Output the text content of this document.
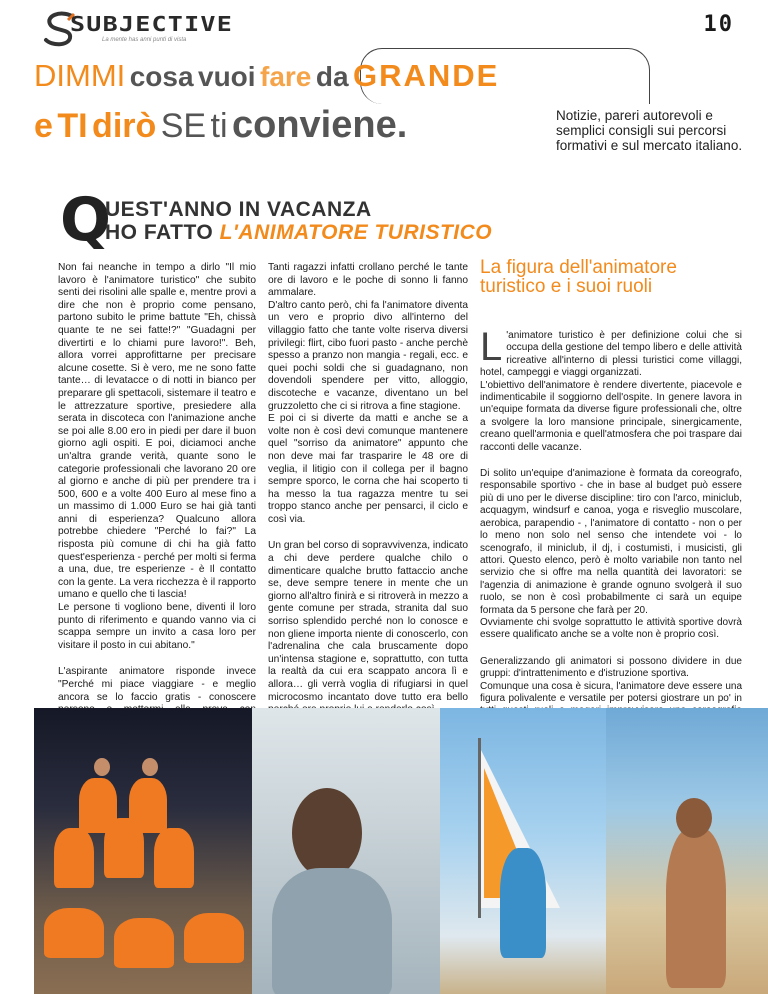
SUBJECTIVE
La mente has anni punti di vista
10
DIMMI cosa vuoi fare da GRANDE
e TI dirò SE ti conviene.	Notizie, pareri autorevoli e semplici consigli sui percorsi formativi e sul mercato italiano.
Q
UEST'ANNO IN VACANZA
HO FATTO L'ANIMATORE TURISTICO

Non fai neanche in tempo a dirlo "Il mio lavoro è l'animatore turistico" che subito senti dei risolini alle spalle e, mentre provi a dire che non è proprio come pensano, partono subito le prime battute "Eh, chissà quante te ne sei fatte!?" "Guadagni per divertirti e lo chiami pure lavoro!". Beh, allora vorrei approfittarne per precisare alcune cosette. Si è vero, me ne sono fatte tante… di levatacce o di notti in bianco per preparare gli spettacoli, sistemare il teatro e le attrezzature sportive, presiedere alla serata in discoteca con l'animazione anche se poi alle 8.00 ero in piedi per dare il buon giorno agli ospiti. E poi, diciamoci anche un'altra grande verità, quante sono le categorie professionali che lavorano 20 ore al giorno e anche di più per prendere tra i 500, 600 e a volte 400 Euro al mese fino a un massimo di 1.000 Euro se hai già tanti anni di esperienza? Qualcuno allora potrebbe chiedere "Perché lo fai?" La risposta più comune di chi ha già fatto quest'esperienza - perché per molti si ferma a una, due, tre esperienze - è Il contatto con la gente. La vera ricchezza è il rapporto umano e quello che ti lascia!

Le persone ti vogliono bene, diventi il loro punto di riferimento e quando vanno via ci scappa sempre un invito a casa loro per visitare il posto in cui abitano."

L'aspirante animatore risponde invece "Perché mi piace viaggiare - e meglio ancora se lo faccio gratis - conoscere

Tanti ragazzi infatti crollano perché le tante ore di lavoro e le poche di sonno li fanno ammalare.

D'altro canto però, chi fa l'animatore diventa un vero e proprio divo all'interno del villaggio fatto che tante volte riserva diversi privilegi: flirt, cibo fuori pasto - anche perchè spesso a pranzo non mangia - regali, ecc. e quei pochi soldi che si guadagnano, non dovendoli spendere per vitto, alloggio, discoteche e vacanze, diventano un bel gruzzoletto che ci si ritrova a fine stagione.

E poi ci si diverte da matti e anche se a volte non è così devi comunque mantenere quel "sorriso da animatore" appunto che non deve mai far trasparire le 48 ore di veglia, il litigio con il collega per il bagno sempre sporco, le corna che hai scoperto ti ha messo la tua ragazza mentre tu sei troppo stanco anche per pensarci, il ciclo e così via.

Un gran bel corso di sopravvivenza, indicato a chi deve perdere qualche chilo o dimenticare qualche brutto fattaccio anche se, deve sempre tenere in mente che un giorno all'altro finirà e si ritroverà in mezzo a gente comune per strada, stranita dal suo sorriso splendido perché non lo conosce e non gliene importa niente di conoscerlo, con l'adrenalina che cala bruscamente dopo un'intensa stagione e, soprattutto, con tutta la realtà da cui era scappato ancora lì e allora… gli verrà voglia di rifugiarsi in quel microcosmo incantato dove tutto era bello

La figura dell'animatore turistico e i suoi ruoli

L 'animatore turistico è per definizione colui che si occupa della gestione del tempo libero e delle attività ricreative all'interno di plessi turistici come villaggi, hotel, campeggi e viaggi organizzati.

L'obiettivo dell'animatore è rendere divertente, piacevole e indimenticabile il soggiorno dell'ospite. In genere lavora in un'equipe formata da diverse figure professionali che, oltre a svolgere la loro mansione principale, sinergicamente, creano quell'armonia e quell'atmosfera che poi traspare dai racconti delle vacanze.

Di solito un'equipe d'animazione è formata da coreografo, responsabile sportivo - che in base al budget può essere più di uno per le diverse discipline: tiro con l'arco, miniclub, acquagym, windsurf e canoa, yoga e risveglio muscolare, aerobica, parapendio - , l'animatore di contatto - non o per lo meno non solo nel senso che intendete voi - lo scenografo, il miniclub, il dj, i costumisti, i musicisti, gli attori. Questo elenco, però è molto variabile non tanto nel servizio che si offre ma nella quantità dei lavoratori: se l'agenzia di animazione è grande ognuno svolgerà il suo ruolo, se non è così probabilmente ci sarà un equipe formata da 5 persone che farà per 20.

Ovviamente chi svolge soprattutto le attività sportive dovrà essere qualificato anche se a volte non è proprio così.

Generalizzando gli animatori si possono dividere in due gruppi: d'intrattenimento e d'istruzione sportiva.

Comunque una cosa è sicura, l'animatore deve essere una figura polivalente e versatile per potersi giostrare un po' in
